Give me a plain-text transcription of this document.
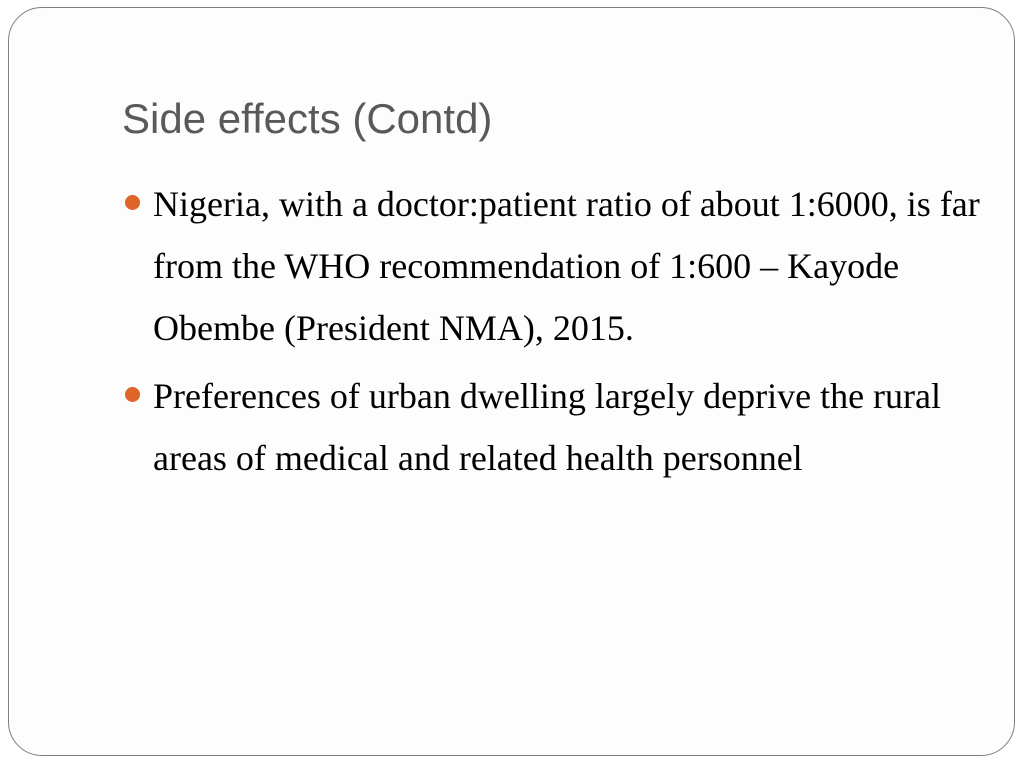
Side effects (Contd)
Nigeria, with a doctor:patient ratio of about 1:6000, is far from the WHO recommendation of 1:600 – Kayode Obembe (President NMA), 2015.
Preferences of urban dwelling largely deprive the rural areas of medical and related health personnel
